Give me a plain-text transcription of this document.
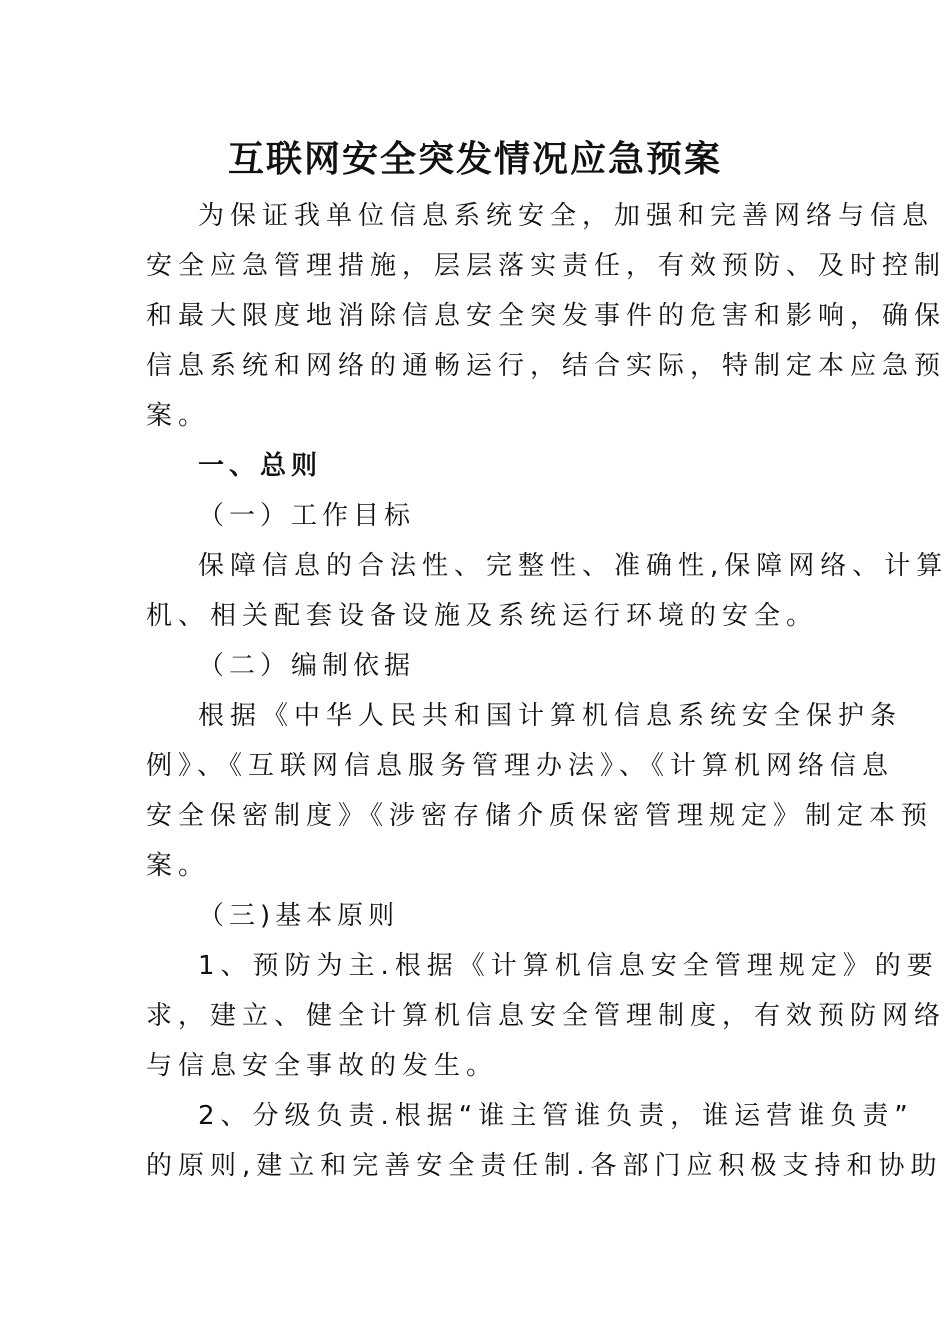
互联网安全突发情况应急预案
为保证我单位信息系统安全，加强和完善网络与信息
安全应急管理措施，层层落实责任，有效预防、及时控制
和最大限度地消除信息安全突发事件的危害和影响，确保
信息系统和网络的通畅运行，结合实际，特制定本应急预
案。
一、总则
（一）工作目标
保障信息的合法性、完整性、准确性,保障网络、计算
机、相关配套设备设施及系统运行环境的安全。
（二）编制依据
根据《中华人民共和国计算机信息系统安全保护条
例》、《互联网信息服务管理办法》、《计算机网络信息
安全保密制度》《涉密存储介质保密管理规定》制定本预
案。
（三)基本原则
1、预防为主.根据《计算机信息安全管理规定》的要
求，建立、健全计算机信息安全管理制度，有效预防网络
与信息安全事故的发生。
2、分级负责.根据“谁主管谁负责，谁运营谁负责”
的原则,建立和完善安全责任制.各部门应积极支持和协助
